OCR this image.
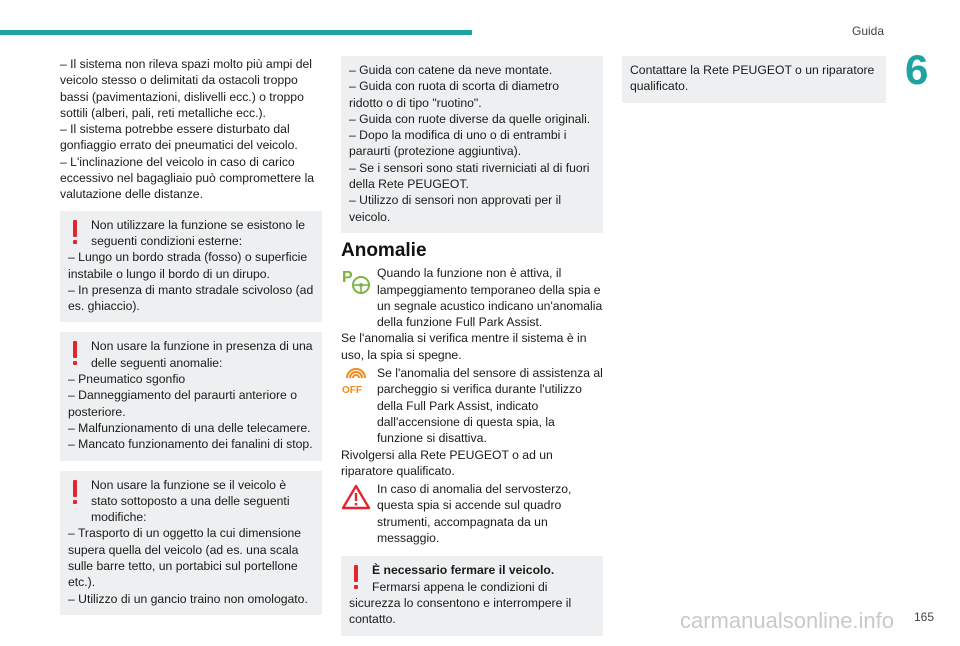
Guida
6

– Il sistema non rileva spazi molto più ampi del veicolo stesso o delimitati da ostacoli troppo bassi (pavimentazioni, dislivelli ecc.) o troppo sottili (alberi, pali, reti metalliche ecc.).

– Il sistema potrebbe essere disturbato dal gonfiaggio errato dei pneumatici del veicolo.

– L'inclinazione del veicolo in caso di carico eccessivo nel bagagliaio può compromettere la valutazione delle distanze.

Non utilizzare la funzione se esistono le seguenti condizioni esterne:

– Lungo un bordo strada (fosso) o superficie instabile o lungo il bordo di un dirupo.

– In presenza di manto stradale scivoloso (ad es. ghiaccio).

Non usare la funzione in presenza di una delle seguenti anomalie:

– Pneumatico sgonfio

– Danneggiamento del paraurti anteriore o posteriore.

– Malfunzionamento di una delle telecamere.

– Mancato funzionamento dei fanalini di stop.

Non usare la funzione se il veicolo è stato sottoposto a una delle seguenti modifiche:

– Trasporto di un oggetto la cui dimensione supera quella del veicolo (ad es. una scala sulle barre tetto, un portabici sul portellone etc.).

– Utilizzo di un gancio traino non omologato.

– Guida con catene da neve montate.

– Guida con ruota di scorta di diametro ridotto o di tipo "ruotino".

– Guida con ruote diverse da quelle originali.

– Dopo la modifica di uno o di entrambi i paraurti (protezione aggiuntiva).

– Se i sensori sono stati riverniciati al di fuori della Rete PEUGEOT.

– Utilizzo di sensori non approvati per il veicolo.

Anomalie
P	Quando la funzione non è attiva, il lampeggiamento temporaneo della spia e un segnale acustico indicano un'anomalia della funzione Full Park Assist.

Se l'anomalia si verifica mentre il sistema è in uso, la spia si spegne.

OFF

Se l'anomalia del sensore di assistenza al parcheggio si verifica durante l'utilizzo della Full Park Assist, indicato dall'accensione di questa spia, la funzione si disattiva.

Rivolgersi alla Rete PEUGEOT o ad un riparatore qualificato.

In caso di anomalia del servosterzo, questa spia si accende sul quadro strumenti, accompagnata da un messaggio.

È necessario fermare il veicolo.

Fermarsi appena le condizioni di sicurezza lo consentono e interrompere il contatto.

Contattare la Rete PEUGEOT o un riparatore qualificato.

carmanualsonline.info 165
